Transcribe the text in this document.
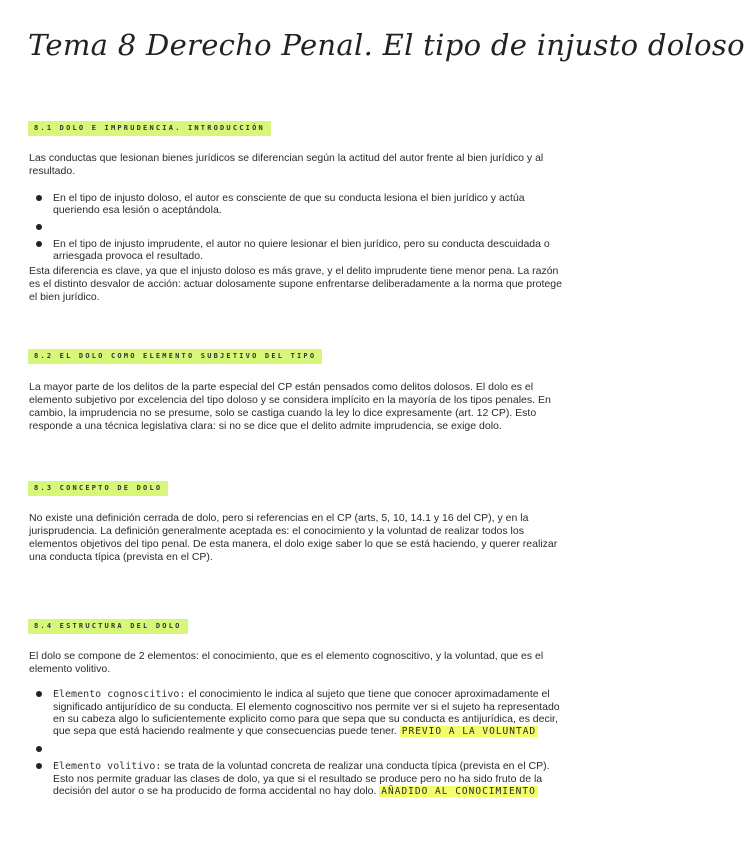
Tema 8 Derecho Penal. El tipo de injusto doloso
8.1 DOLO E IMPRUDENCIA. INTRODUCCIÓN

Las conductas que lesionan bienes jurídicos se diferencian según la actitud del autor frente al bien jurídico y al resultado.

En el tipo de injusto doloso, el autor es consciente de que su conducta lesiona el bien jurídico y actúa queriendo esa lesión o aceptándola.
En el tipo de injusto imprudente, el autor no quiere lesionar el bien jurídico, pero su conducta descuidada o arriesgada provoca el resultado.

Esta diferencia es clave, ya que el injusto doloso es más grave, y el delito imprudente tiene menor pena. La razón es el distinto desvalor de acción: actuar dolosamente supone enfrentarse deliberadamente a la norma que protege el bien jurídico.

8.2 EL DOLO COMO ELEMENTO SUBJETIVO DEL TIPO

La mayor parte de los delitos de la parte especial del CP están pensados como delitos dolosos. El dolo es el elemento subjetivo por excelencia del tipo doloso y se considera implícito en la mayoría de los tipos penales. En cambio, la imprudencia no se presume, solo se castiga cuando la ley lo dice expresamente (art. 12 CP). Esto responde a una técnica legislativa clara: si no se dice que el delito admite imprudencia, se exige dolo.

8.3 CONCEPTO DE DOLO

No existe una definición cerrada de dolo, pero si referencias en el CP (arts, 5, 10, 14.1 y 16 del CP), y en la jurisprudencia. La definición generalmente aceptada es: el conocimiento y la voluntad de realizar todos los elementos objetivos del tipo penal. De esta manera, el dolo exige saber lo que se está haciendo, y querer realizar una conducta típica (prevista en el CP).

8.4 ESTRUCTURA DEL DOLO

El dolo se compone de 2 elementos: el conocimiento, que es el elemento cognoscitivo, y la voluntad, que es el elemento volitivo.

Elemento cognoscitivo: el conocimiento le indica al sujeto que tiene que conocer aproximadamente el significado antijurídico de su conducta. El elemento cognoscitivo nos permite ver si el sujeto ha representado en su cabeza algo lo suficientemente explicito como para que sepa que su conducta es antijurídica, es decir, que sepa que está haciendo realmente y que consecuencias puede tener. PREVIO A LA VOLUNTAD
Elemento volitivo: se trata de la voluntad concreta de realizar una conducta típica (prevista en el CP). Esto nos permite graduar las clases de dolo, ya que si el resultado se produce pero no ha sido fruto de la decisión del autor o se ha producido de forma accidental no hay dolo. AÑADIDO AL CONOCIMIENTO
